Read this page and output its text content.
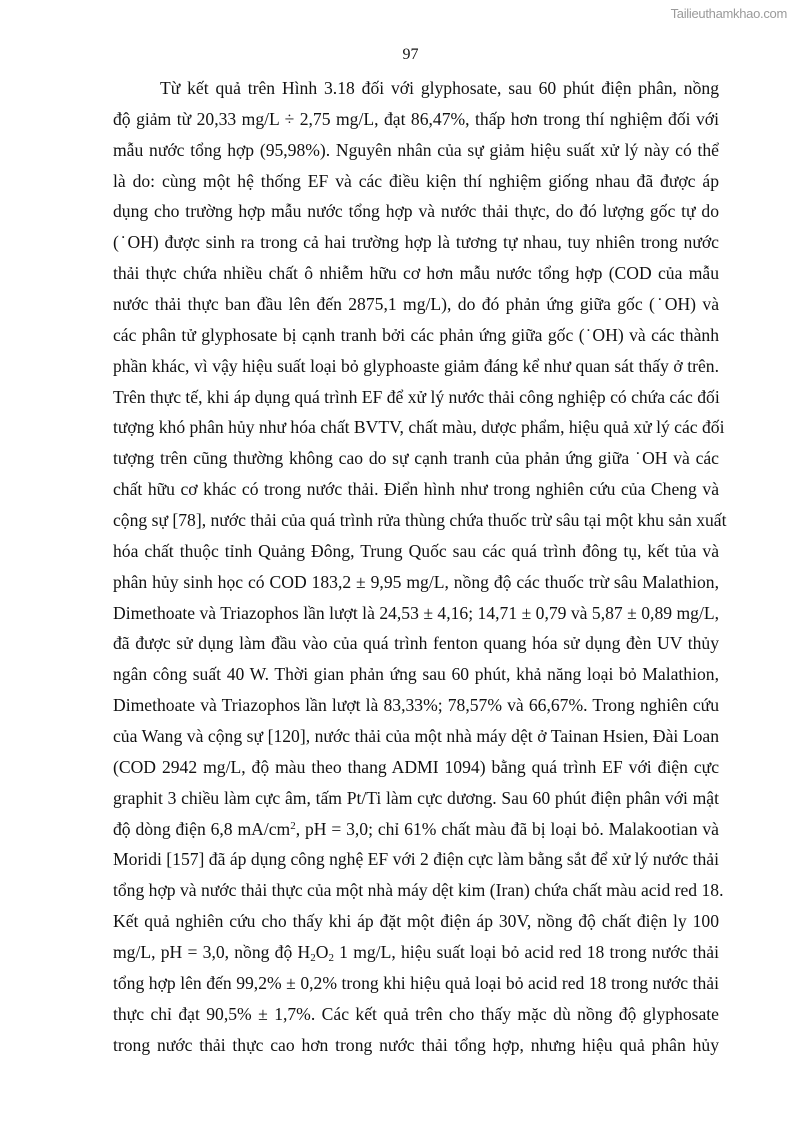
Tailieuthamkhao.com
97
Từ kết quả trên Hình 3.18 đối với glyphosate, sau 60 phút điện phân, nồng
độ giảm từ 20,33 mg/L ÷ 2,75 mg/L, đạt 86,47%, thấp hơn trong thí nghiệm đối với
mẫu nước tổng hợp (95,98%). Nguyên nhân của sự giảm hiệu suất xử lý này có thể
là do: cùng một hệ thống EF và các điều kiện thí nghiệm giống nhau đã được áp
dụng cho trường hợp mẫu nước tổng hợp và nước thải thực, do đó lượng gốc tự do
(˙OH) được sinh ra trong cả hai trường hợp là tương tự nhau, tuy nhiên trong nước
thải thực chứa nhiều chất ô nhiễm hữu cơ hơn mẫu nước tổng hợp (COD của mẫu
nước thải thực ban đầu lên đến 2875,1 mg/L), do đó phản ứng giữa gốc (˙OH) và
các phân tử glyphosate bị cạnh tranh bởi các phản ứng giữa gốc (˙OH) và các thành
phần khác, vì vậy hiệu suất loại bỏ glyphoaste giảm đáng kể như quan sát thấy ở trên.
Trên thực tế, khi áp dụng quá trình EF để xử lý nước thải công nghiệp có chứa các đối
tượng khó phân hủy như hóa chất BVTV, chất màu, dược phẩm, hiệu quả xử lý các đối
tượng trên cũng thường không cao do sự cạnh tranh của phản ứng giữa ˙OH và các
chất hữu cơ khác có trong nước thải. Điển hình như trong nghiên cứu của Cheng và
cộng sự [78], nước thải của quá trình rửa thùng chứa thuốc trừ sâu tại một khu sản xuất
hóa chất thuộc tỉnh Quảng Đông, Trung Quốc sau các quá trình đông tụ, kết tủa và
phân hủy sinh học có COD 183,2 ± 9,95 mg/L, nồng độ các thuốc trừ sâu Malathion,
Dimethoate và Triazophos lần lượt là 24,53 ± 4,16; 14,71 ± 0,79 và 5,87 ± 0,89 mg/L,
đã được sử dụng làm đầu vào của quá trình fenton quang hóa sử dụng đèn UV thủy
ngân công suất 40 W. Thời gian phản ứng sau 60 phút, khả năng loại bỏ Malathion,
Dimethoate và Triazophos lần lượt là 83,33%; 78,57% và 66,67%. Trong nghiên cứu
của Wang và cộng sự [120], nước thải của một nhà máy dệt ở Tainan Hsien, Đài Loan
(COD 2942 mg/L, độ màu theo thang ADMI 1094) bằng quá trình EF với điện cực
graphit 3 chiều làm cực âm, tấm Pt/Ti làm cực dương. Sau 60 phút điện phân với mật
độ dòng điện 6,8 $mA/cm^2$, pH = 3,0; chỉ 61% chất màu đã bị loại bỏ. Malakootian và
Moridi [157] đã áp dụng công nghệ EF với 2 điện cực làm bằng sắt để xử lý nước thải
tổng hợp và nước thải thực của một nhà máy dệt kim (Iran) chứa chất màu acid red 18.
Kết quả nghiên cứu cho thấy khi áp đặt một điện áp 30V, nồng độ chất điện ly 100
mg/L, pH = 3,0, nồng độ $H_2O_2$ 1 mg/L, hiệu suất loại bỏ acid red 18 trong nước thải
tổng hợp lên đến 99,2% ± 0,2% trong khi hiệu quả loại bỏ acid red 18 trong nước thải
thực chỉ đạt 90,5% ± 1,7%. Các kết quả trên cho thấy mặc dù nồng độ glyphosate
trong nước thải thực cao hơn trong nước thải tổng hợp, nhưng hiệu quả phân hủy
